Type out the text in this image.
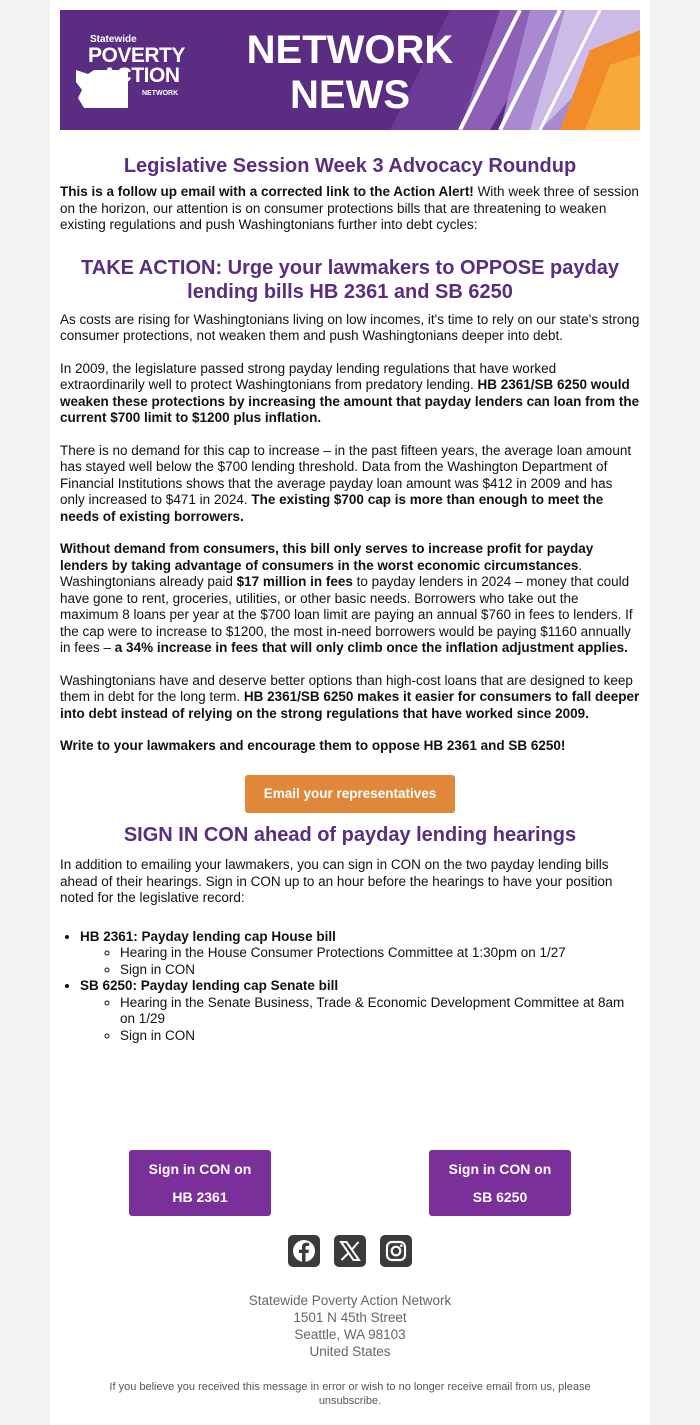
Statewide
POVERTY
ACTION
NETWORK
NETWORK
NEWS
Legislative Session Week 3 Advocacy Roundup

This is a follow up email with a corrected link to the Action Alert! With week three of session on the horizon, our attention is on consumer protections bills that are threatening to weaken existing regulations and push Washingtonians further into debt cycles:

TAKE ACTION: Urge your lawmakers to OPPOSE payday lending bills HB 2361 and SB 6250

As costs are rising for Washingtonians living on low incomes, it's time to rely on our state's strong consumer protections, not weaken them and push Washingtonians deeper into debt.

In 2009, the legislature passed strong payday lending regulations that have worked extraordinarily well to protect Washingtonians from predatory lending. HB 2361/SB 6250 would weaken these protections by increasing the amount that payday lenders can loan from the current $700 limit to $1200 plus inflation.

There is no demand for this cap to increase – in the past fifteen years, the average loan amount has stayed well below the $700 lending threshold. Data from the Washington Department of Financial Institutions shows that the average payday loan amount was $412 in 2009 and has only increased to $471 in 2024. The existing $700 cap is more than enough to meet the needs of existing borrowers.

Without demand from consumers, this bill only serves to increase profit for payday lenders by taking advantage of consumers in the worst economic circumstances. Washingtonians already paid $17 million in fees to payday lenders in 2024 – money that could have gone to rent, groceries, utilities, or other basic needs. Borrowers who take out the maximum 8 loans per year at the $700 loan limit are paying an annual $760 in fees to lenders. If the cap were to increase to $1200, the most in-need borrowers would be paying $1160 annually in fees – a 34% increase in fees that will only climb once the inflation adjustment applies.

Washingtonians have and deserve better options than high-cost loans that are designed to keep them in debt for the long term. HB 2361/SB 6250 makes it easier for consumers to fall deeper into debt instead of relying on the strong regulations that have worked since 2009.

Write to your lawmakers and encourage them to oppose HB 2361 and SB 6250!

Email your representatives
SIGN IN CON ahead of payday lending hearings

In addition to emailing your lawmakers, you can sign in CON on the two payday lending bills ahead of their hearings. Sign in CON up to an hour before the hearings to have your position noted for the legislative record:

• HB 2361: Payday lending cap House bill
◦ Hearing in the House Consumer Protections Committee at 1:30pm on 1/27
◦ Sign in CON
• SB 6250: Payday lending cap Senate bill
◦ Hearing in the Senate Business, Trade & Economic Development Committee at 8am on 1/29
◦ Sign in CON
Sign in CON on
HB 2361
Sign in CON on
SB 6250
Statewide Poverty Action Network
1501 N 45th Street
Seattle, WA 98103
United States
If you believe you received this message in error or wish to no longer receive email from us, please unsubscribe.
